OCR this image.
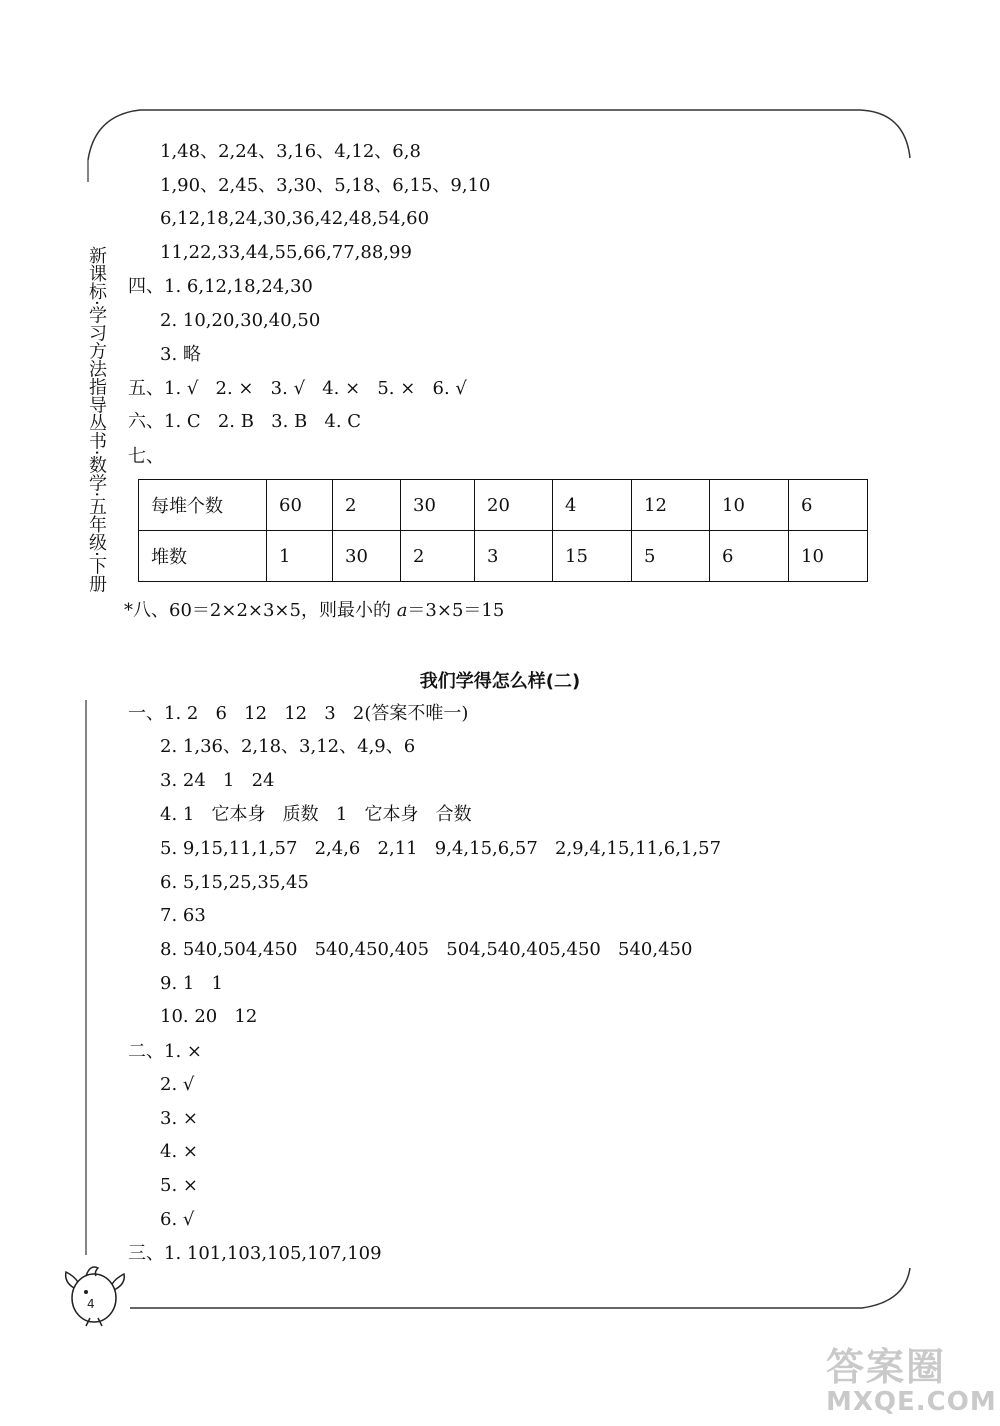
新课标·学习方法指导丛书·数学·五年级·下册
1,48、2,24、3,16、4,12、6,8
1,90、2,45、3,30、5,18、6,15、9,10
6,12,18,24,30,36,42,48,54,60
11,22,33,44,55,66,77,88,99
四、1. 6,12,18,24,30
2. 10,20,30,40,50
3. 略
五、1. √   2. ×   3. √   4. ×   5. ×   6. √
六、1. C   2. B   3. B   4. C
七、
每堆个数	60	2	30	20	4	12	10	6
堆数	1	30	2	3	15	5	6	10
*八、60＝2×2×3×5，则最小的 a＝3×5＝15
我们学得怎么样(二)
一、1. 2   6   12   12   3   2(答案不唯一)
2. 1,36、2,18、3,12、4,9、6
3. 24   1   24
4. 1   它本身   质数   1   它本身   合数
5. 9,15,11,1,57   2,4,6   2,11   9,4,15,6,57   2,9,4,15,11,6,1,57
6. 5,15,25,35,45
7. 63
8. 540,504,450   540,450,405   504,540,405,450   540,450
9. 1   1
10. 20   12
二、1. ×
2. √
3. ×
4. ×
5. ×
6. √
三、1. 101,103,105,107,109
4
答案圈
MXQE.COM
